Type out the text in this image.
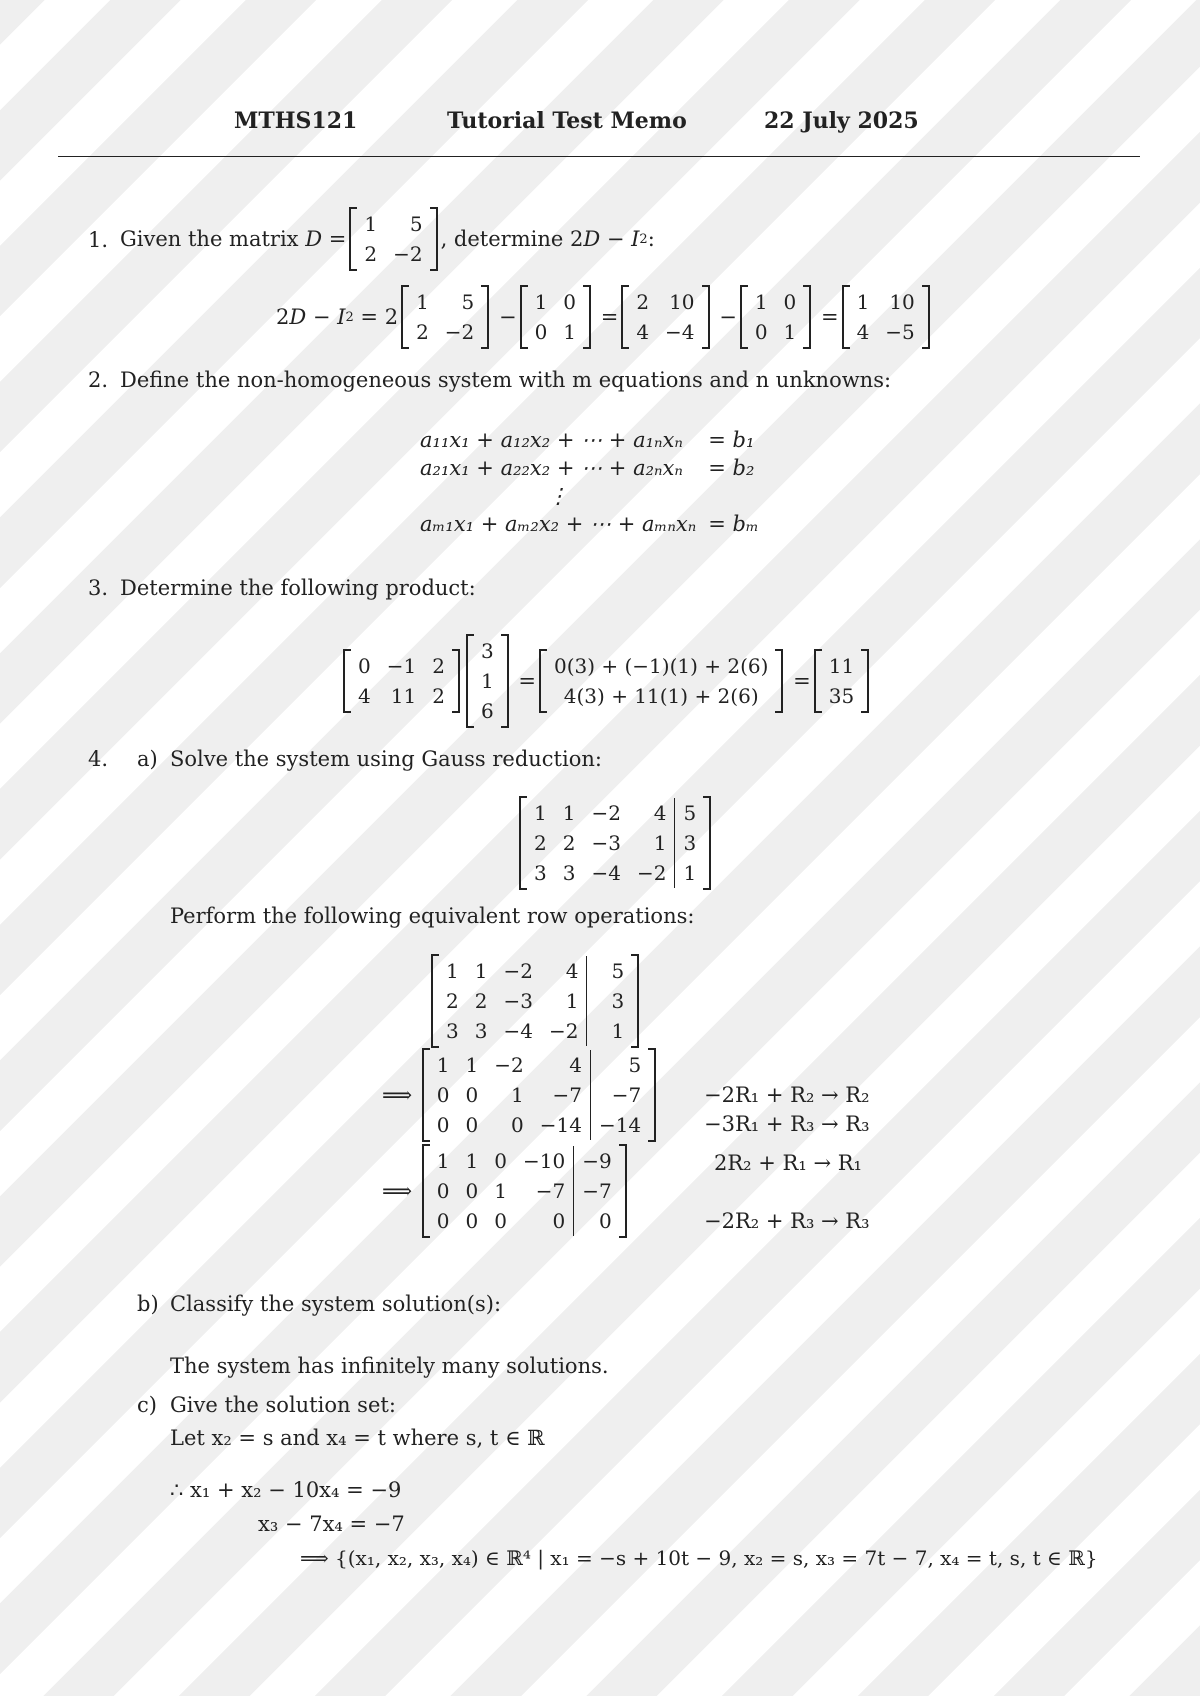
MTHS121	Tutorial Test Memo	22 July 2025
1. Given the matrix
D =
1	5
2	−2
, determine 2 D − I 2 :
2 D − I 2 = 2
1	5
2	−2
−
1	0
0	1
=
2	10
4	−4
−
1	0
0	1
=
1	10
4	−5
2. Define the non-homogeneous system with m equations and n unknowns:
a₁₁x₁ + a₁₂x₂ + ⋯ + a₁ₙxₙ	= b₁
a₂₁x₁ + a₂₂x₂ + ⋯ + a₂ₙxₙ	= b₂
⋮	
aₘ₁x₁ + aₘ₂x₂ + ⋯ + aₘₙxₙ	= bₘ
3. Determine the following product:
0	−1	2
4	11	2
3
1
6
=
0(3) + (−1)(1) + 2(6)
4(3) + 11(1) + 2(6)
=
11
35
4. a) Solve the system using Gauss reduction:
1	1	−2	4	5
2	2	−3	1	3
3	3	−4	−2	1
Perform the following equivalent row operations:
1	1	−2	4	5
2	2	−3	1	3
3	3	−4	−2	1
⟹
1	1	−2	4	5
0	0	1	−7	−7
0	0	0	−14	−14
−2R₁ + R₂ → R₂
−3R₁ + R₃ → R₃
⟹
1	1	0	−10	−9
0	0	1	−7	−7
0	0	0	0	0
2R₂ + R₁ → R₁
−2R₂ + R₃ → R₃
b) Classify the system solution(s):
The system has infinitely many solutions.
c) Give the solution set:
Let x₂ = s and x₄ = t where s, t ∈ ℝ
∴ x₁ + x₂ − 10x₄ = −9
x₃ − 7x₄ = −7
⟹ {(x₁, x₂, x₃, x₄) ∈ ℝ⁴ | x₁ = −s + 10t − 9, x₂ = s, x₃ = 7t − 7, x₄ = t, s, t ∈ ℝ}
